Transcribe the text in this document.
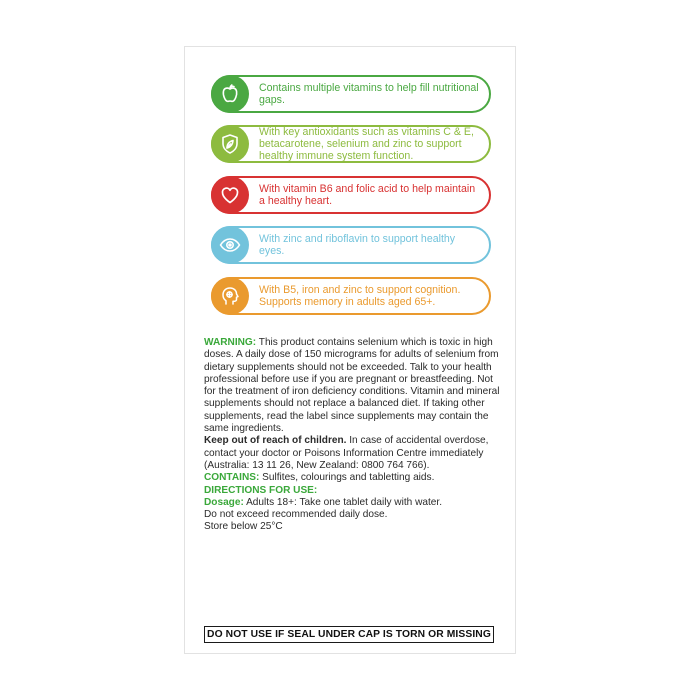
Contains multiple vitamins to help fill nutritional gaps.
With key antioxidants such as vitamins C & E, betacarotene, selenium and zinc to support healthy immune system function.
With vitamin B6 and folic acid to help maintain a healthy heart.
With zinc and riboflavin to support healthy eyes.
With B5, iron and zinc to support cognition. Supports memory in adults aged 65+.

WARNING: This product contains selenium which is toxic in high doses. A daily dose of 150 micrograms for adults of selenium from dietary supplements should not be exceeded. Talk to your health professional before use if you are pregnant or breastfeeding. Not for the treatment of iron deficiency conditions. Vitamin and mineral supplements should not replace a balanced diet. If taking other supplements, read the label since supplements may contain the same ingredients.

Keep out of reach of children. In case of accidental overdose, contact your doctor or Poisons Information Centre immediately (Australia: 13 11 26, New Zealand: 0800 764 766).

CONTAINS: Sulfites, colourings and tabletting aids.

DIRECTIONS FOR USE:

Dosage: Adults 18+: Take one tablet daily with water.

Do not exceed recommended daily dose.

Store below 25°C

DO NOT USE IF SEAL UNDER CAP IS TORN OR MISSING
